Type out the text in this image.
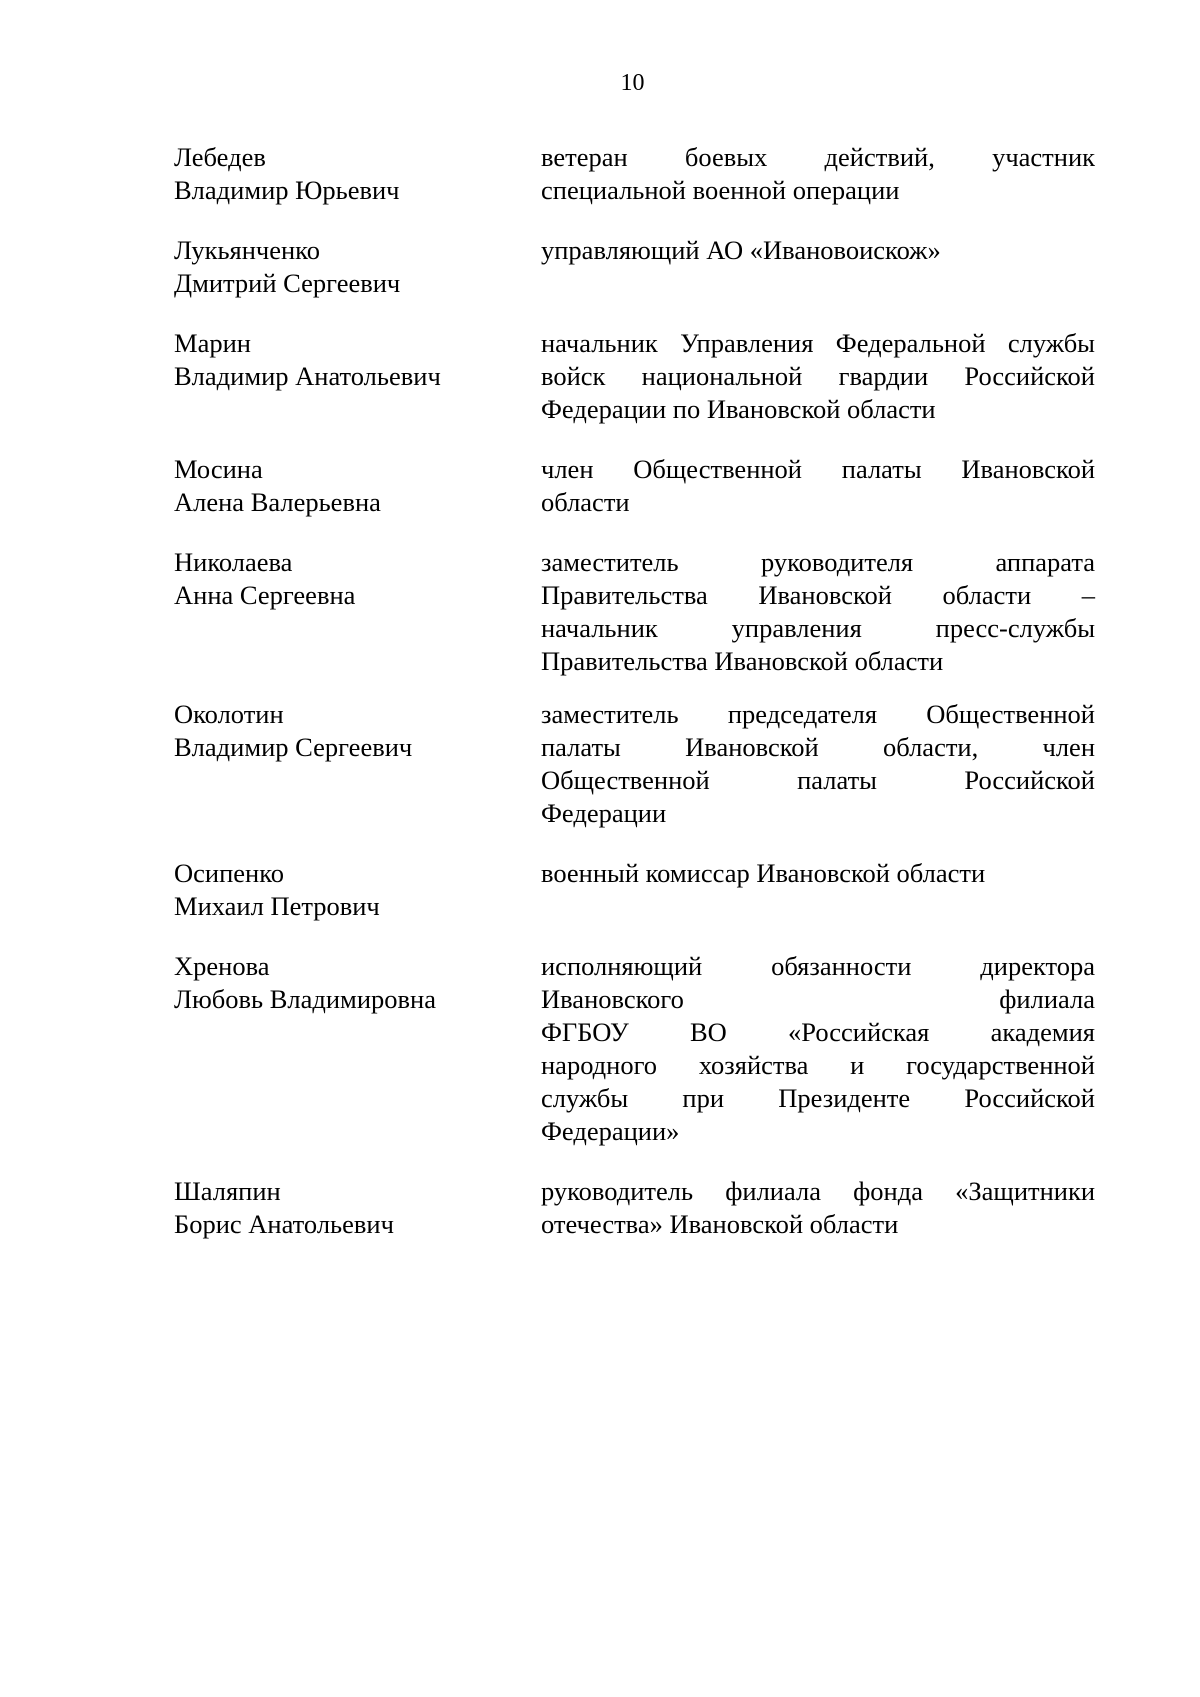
10
Лебедев
Владимир Юрьевич
ветеран боевых действий, участник
специальной военной операции
Лукьянченко
Дмитрий Сергеевич
управляющий АО «Ивановоискож»
Марин
Владимир Анатольевич
начальник Управления Федеральной службы
войск национальной гвардии Российской
Федерации по Ивановской области
Мосина
Алена Валерьевна
член Общественной палаты Ивановской
области
Николаева
Анна Сергеевна
заместитель руководителя аппарата
Правительства Ивановской области –
начальник управления пресс-службы
Правительства Ивановской области
Околотин
Владимир Сергеевич
заместитель председателя Общественной
палаты Ивановской области, член
Общественной палаты Российской
Федерации
Осипенко
Михаил Петрович
военный комиссар Ивановской области
Хренова
Любовь Владимировна
исполняющий обязанности директора
Ивановского филиала
ФГБОУ ВО «Российская академия
народного хозяйства и государственной
службы при Президенте Российской
Федерации»
Шаляпин
Борис Анатольевич
руководитель филиала фонда «Защитники
отечества» Ивановской области
